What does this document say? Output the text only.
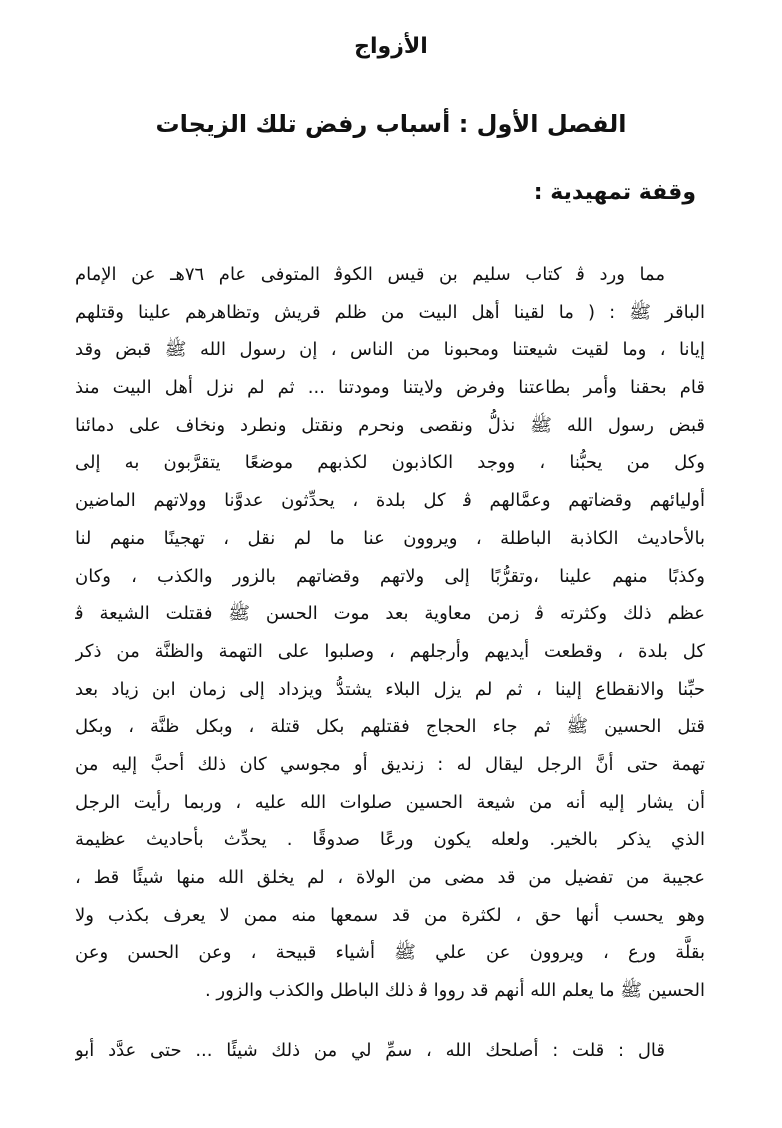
الأزواج
الفصل الأول : أسباب رفض تلك الزيجات
وقفة تمهيدية :
مما ورد ﭬ كتاب سليم بن قيس الكوﭬ المتوفى عام ٧٦هـ عن الإمام
الباقر ﷺ : ( ما لقينا أهل البيت من ظلم قريش وتظاهرهم علينا وقتلهم
إيانا ، وما لقيت شيعتنا ومحبونا من الناس ، إن رسول الله ﷺ قبض وقد
قام بحقنا وأمر بطاعتنا وفرض ولايتنا ومودتنا ... ثم لم نزل أهل البيت منذ
قبض رسول الله ﷺ نذلُّ ونقصى ونحرم ونقتل ونطرد ونخاف على دمائنا
وكل من يحبُّنا ، ووجد الكاذبون لكذبهم موضعًا يتقرَّبون به إلى
أوليائهم وقضاتهم وعمَّالهم ﭬ كل بلدة ، يحدِّثون عدوَّنا وولاتهم الماضين
بالأحاديث الكاذبة الباطلة ، ويروون عنا ما لم نقل ، تهجينًا منهم لنا
وكذبًا منهم علينا ،وتقرُّبًا إلى ولاتهم وقضاتهم بالزور والكذب ، وكان
عظم ذلك وكثرته ﭬ زمن معاوية بعد موت الحسن ﷺ فقتلت الشيعة ﭬ
كل بلدة ، وقطعت أيديهم وأرجلهم ، وصلبوا على التهمة والظنَّة من ذكر
حبِّنا والانقطاع إلينا ، ثم لم يزل البلاء يشتدُّ ويزداد إلى زمان ابن زياد بعد
قتل الحسين ﷺ ثم جاء الحجاج فقتلهم بكل قتلة ، وبكل ظنَّة ، وبكل
تهمة حتى أنَّ الرجل ليقال له : زنديق أو مجوسي كان ذلك أحبَّ إليه من
أن يشار إليه أنه من شيعة الحسين صلوات الله عليه ، وربما رأيت الرجل
الذي يذكر بالخير. ولعله يكون ورعًا صدوقًا . يحدِّث بأحاديث عظيمة
عجيبة من تفضيل من قد مضى من الولاة ، لم يخلق الله منها شيئًا قط ،
وهو يحسب أنها حق ، لكثرة من قد سمعها منه ممن لا يعرف بكذب ولا
بقلَّة ورع ، ويروون عن علي ﷺ أشياء قبيحة ، وعن الحسن وعن
الحسين ﷺ ما يعلم الله أنهم قد رووا ﭬ ذلك الباطل والكذب والزور .
قال : قلت : أصلحك الله ، سمِّ لي من ذلك شيئًا ... حتى عدَّد أبو
